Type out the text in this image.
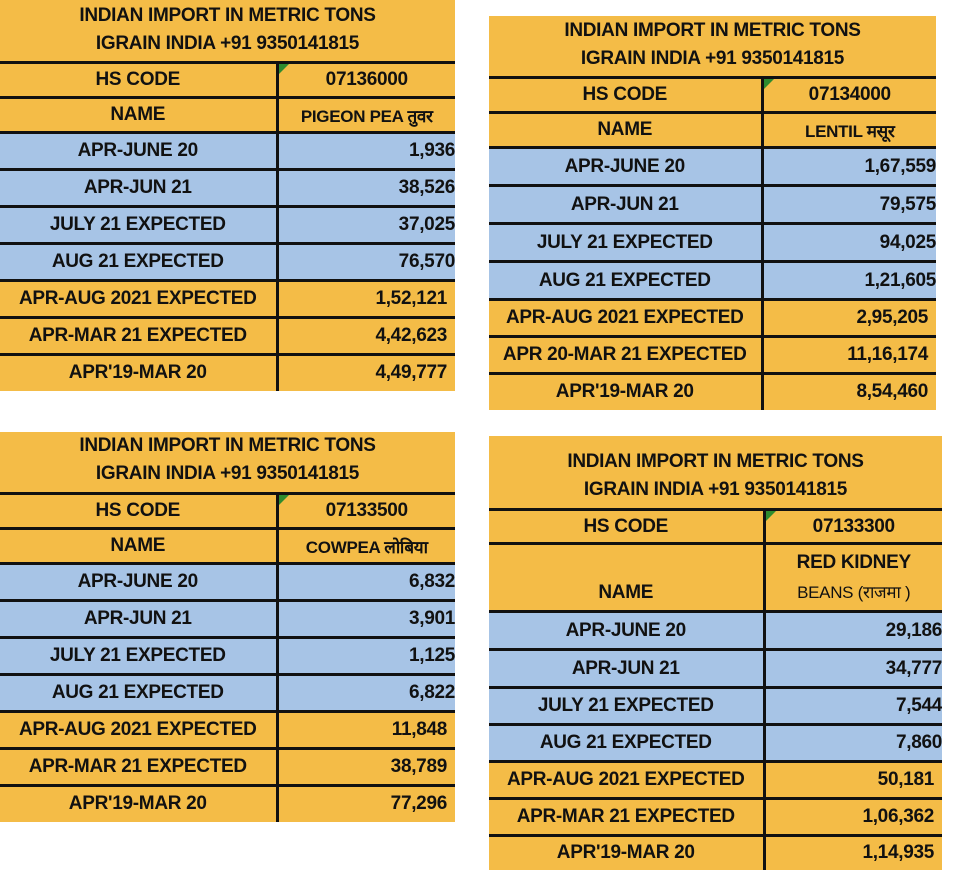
INDIAN IMPORT IN METRIC TONS
IGRAIN INDIA +91 9350141815
HS CODE	07136000
NAME	PIGEON PEA तुवर
APR-JUNE 20	1,936
APR-JUN 21	38,526
JULY 21 EXPECTED	37,025
AUG 21 EXPECTED	76,570
APR-AUG 2021 EXPECTED	1,52,121
APR-MAR 21 EXPECTED	4,42,623
APR'19-MAR 20	4,49,777
INDIAN IMPORT IN METRIC TONS
IGRAIN INDIA +91 9350141815
HS CODE	07134000
NAME	LENTIL मसूर
APR-JUNE 20	1,67,559
APR-JUN 21	79,575
JULY 21 EXPECTED	94,025
AUG 21 EXPECTED	1,21,605
APR-AUG 2021 EXPECTED	2,95,205
APR 20-MAR 21 EXPECTED	11,16,174
APR'19-MAR 20	8,54,460
INDIAN IMPORT IN METRIC TONS
IGRAIN INDIA +91 9350141815
HS CODE	07133500
NAME	COWPEA लोबिया
APR-JUNE 20	6,832
APR-JUN 21	3,901
JULY 21 EXPECTED	1,125
AUG 21 EXPECTED	6,822
APR-AUG 2021 EXPECTED	11,848
APR-MAR 21 EXPECTED	38,789
APR'19-MAR 20	77,296
INDIAN IMPORT IN METRIC TONS
IGRAIN INDIA +91 9350141815
HS CODE	07133300
NAME	RED KIDNEY
BEANS (राजमा )

APR-JUNE 20	29,186
APR-JUN 21	34,777
JULY 21 EXPECTED	7,544
AUG 21 EXPECTED	7,860
APR-AUG 2021 EXPECTED	50,181
APR-MAR 21 EXPECTED	1,06,362
APR'19-MAR 20	1,14,935
